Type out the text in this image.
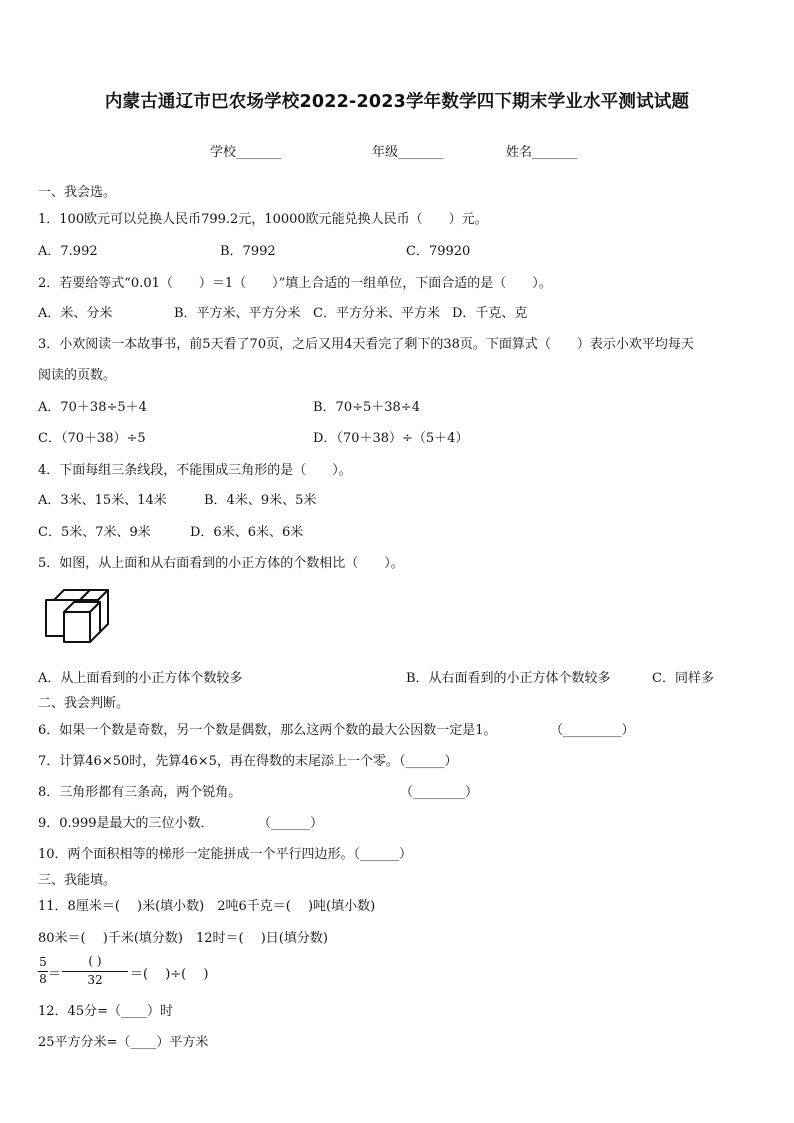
内蒙古通辽市巴农场学校2022-2023学年数学四下期末学业水平测试试题
学校_______	年级_______	姓名_______
一、我会选。
1．100欧元可以兑换人民币799.2元，10000欧元能兑换人民币（　　）元。
A．7.992	B．7992	C．79920
2．若要给等式“0.01（　　）＝1（　　）”填上合适的一组单位，下面合适的是（　　）。
A．米、分米	B．平方米、平方分米 C．平方分米、平方米 D．千克、克
3．小欢阅读一本故事书，前5天看了70页，之后又用4天看完了剩下的38页。下面算式（　　）表示小欢平均每天
阅读的页数。
A．70＋38÷5＋4	B．70÷5＋38÷4
C．（70＋38）÷5	D．（70＋38）÷（5＋4）
4．下面每组三条线段，不能围成三角形的是（　　）。
A．3米、15米、14米	B．4米、9米、5米
C．5米、7米、9米	D．6米、6米、6米
5．如图，从上面和从右面看到的小正方体的个数相比（　　）。
A．从上面看到的小正方体个数较多	B．从右面看到的小正方体个数较多	C．同样多
二、我会判断。
6．如果一个数是奇数，另一个数是偶数，那么这两个数的最大公因数一定是1。	（_________）
7．计算46×50时，先算46×5，再在得数的末尾添上一个零。（______）
8．三角形都有三条高，两个锐角。	（________）
9．0.999是最大的三位小数．	（______）
10．两个面积相等的梯形一定能拼成一个平行四边形。（______）
三、我能填。
11．8厘米＝(　 )米(填小数)　2吨6千克＝(　 )吨(填小数)
80米＝(　 )千米(填分数)　12时＝(　 )日(填分数)
5
8 ＝
( )
32	＝(　 )÷(　 )
12．45分=（____）时
25平方分米=（____）平方米
